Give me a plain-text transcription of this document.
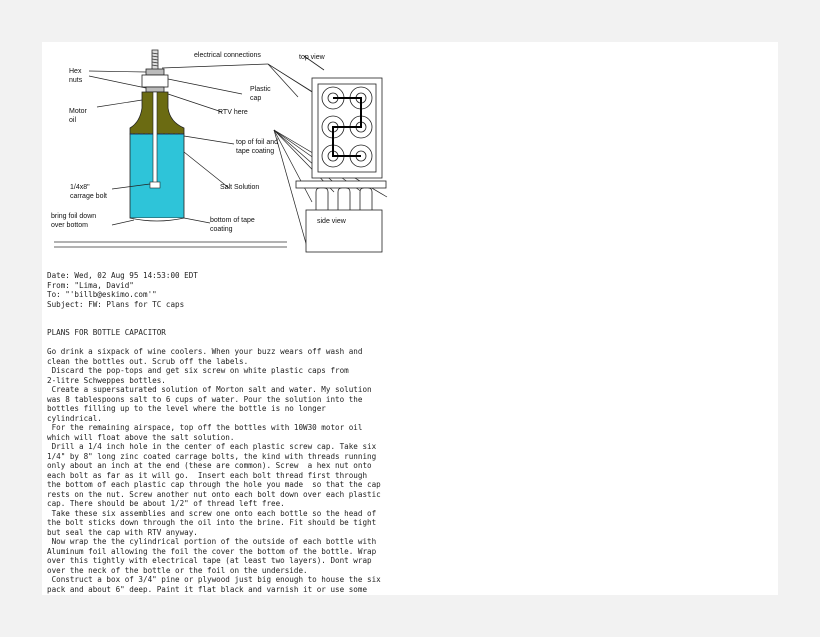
Hex
nuts
Motor
oil
1/4x8"
carrage bolt
bring foil down
over bottom
electrical connections
Plastic
cap
RTV here
top of foil and
tape coating
Salt Solution
bottom of tape
coating
top view
side view
Date: Wed, 02 Aug 95 14:53:00 EDT
From: "Lima, David"
To: "'billb@eskimo.com'"
Subject: FW: Plans for TC caps
PLANS FOR BOTTLE CAPACITOR
Go drink a sixpack of wine coolers. When your buzz wears off wash and
clean the bottles out. Scrub off the labels.
Discard the pop-tops and get six screw on white plastic caps from
2-litre Schweppes bottles.
Create a supersaturated solution of Morton salt and water. My solution
was 8 tablespoons salt to 6 cups of water. Pour the solution into the
bottles filling up to the level where the bottle is no longer
cylindrical.
For the remaining airspace, top off the bottles with 10W30 motor oil
which will float above the salt solution.
Drill a 1/4 inch hole in the center of each plastic screw cap. Take six
1/4" by 8" long zinc coated carrage bolts, the kind with threads running
only about an inch at the end (these are common). Screw  a hex nut onto
each bolt as far as it will go.  Insert each bolt thread first through
the bottom of each plastic cap through the hole you made  so that the cap
rests on the nut. Screw another nut onto each bolt down over each plastic
cap. There should be about 1/2" of thread left free.
Take these six assemblies and screw one onto each bottle so the head of
the bolt sticks down through the oil into the brine. Fit should be tight
but seal the cap with RTV anyway.
Now wrap the the cylindrical portion of the outside of each bottle with
Aluminum foil allowing the foil the cover the bottom of the bottle. Wrap
over this tightly with electrical tape (at least two layers). Dont wrap
over the neck of the bottle or the foil on the underside.
Construct a box of 3/4" pine or plywood just big enough to house the six
pack and about 6" deep. Paint it flat black and varnish it or use some
